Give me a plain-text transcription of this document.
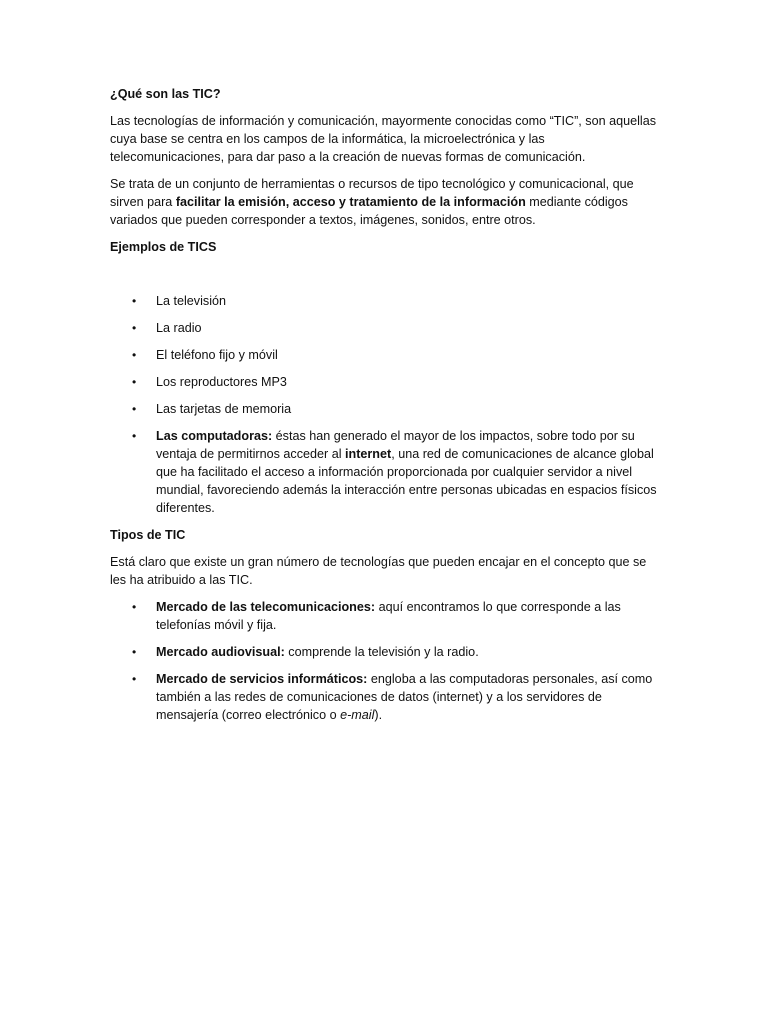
¿Qué son las TIC?

Las tecnologías de información y comunicación, mayormente conocidas como “TIC”, son aquellas cuya base se centra en los campos de la informática, la microelectrónica y las telecomunicaciones, para dar paso a la creación de nuevas formas de comunicación.

Se trata de un conjunto de herramientas o recursos de tipo tecnológico y comunicacional, que sirven para facilitar la emisión, acceso y tratamiento de la información mediante códigos variados que pueden corresponder a textos, imágenes, sonidos, entre otros.

Ejemplos de TICS

• La televisión
• La radio
• El teléfono fijo y móvil
• Los reproductores MP3
• Las tarjetas de memoria
• Las computadoras: éstas han generado el mayor de los impactos, sobre todo por su ventaja de permitirnos acceder al internet, una red de comunicaciones de alcance global que ha facilitado el acceso a información proporcionada por cualquier servidor a nivel mundial, favoreciendo además la interacción entre personas ubicadas en espacios físicos diferentes.

Tipos de TIC

Está claro que existe un gran número de tecnologías que pueden encajar en el concepto que se les ha atribuido a las TIC.

• Mercado de las telecomunicaciones: aquí encontramos lo que corresponde a las telefonías móvil y fija.
• Mercado audiovisual: comprende la televisión y la radio.
• Mercado de servicios informáticos: engloba a las computadoras personales, así como también a las redes de comunicaciones de datos (internet) y a los servidores de mensajería (correo electrónico o e-mail).
